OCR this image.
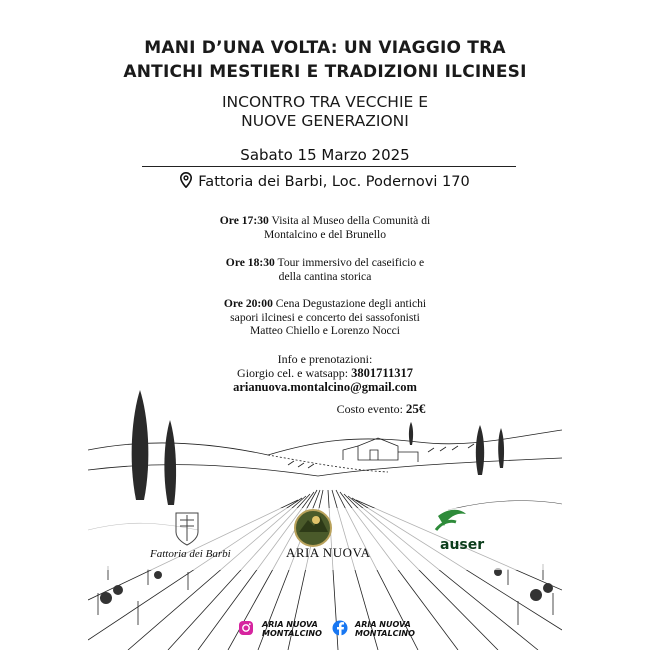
MANI D’UNA VOLTA: UN VIAGGIO TRA
ANTICHI MESTIERI E TRADIZIONI ILCINESI
INCONTRO TRA VECCHIE E
NUOVE GENERAZIONI
Sabato 15 Marzo 2025
Fattoria dei Barbi, Loc. Podernovi 170
Ore 17:30 Visita al Museo della Comunità di
Montalcino e del Brunello
Ore 18:30 Tour immersivo del caseificio e
della cantina storica
Ore 20:00 Cena Degustazione degli antichi
sapori ilcinesi e concerto dei sassofonisti
Matteo Chiello e Lorenzo Nocci
Info e prenotazioni:
Giorgio cel. e watsapp: 3801711317
arianuova.montalcino@gmail.com
Costo evento: 25€
Fattoria dei Barbi	ARIA NUOVA	auser
ARIA NUOVA
MONTALCINO
ARIA NUOVA
MONTALCINO
